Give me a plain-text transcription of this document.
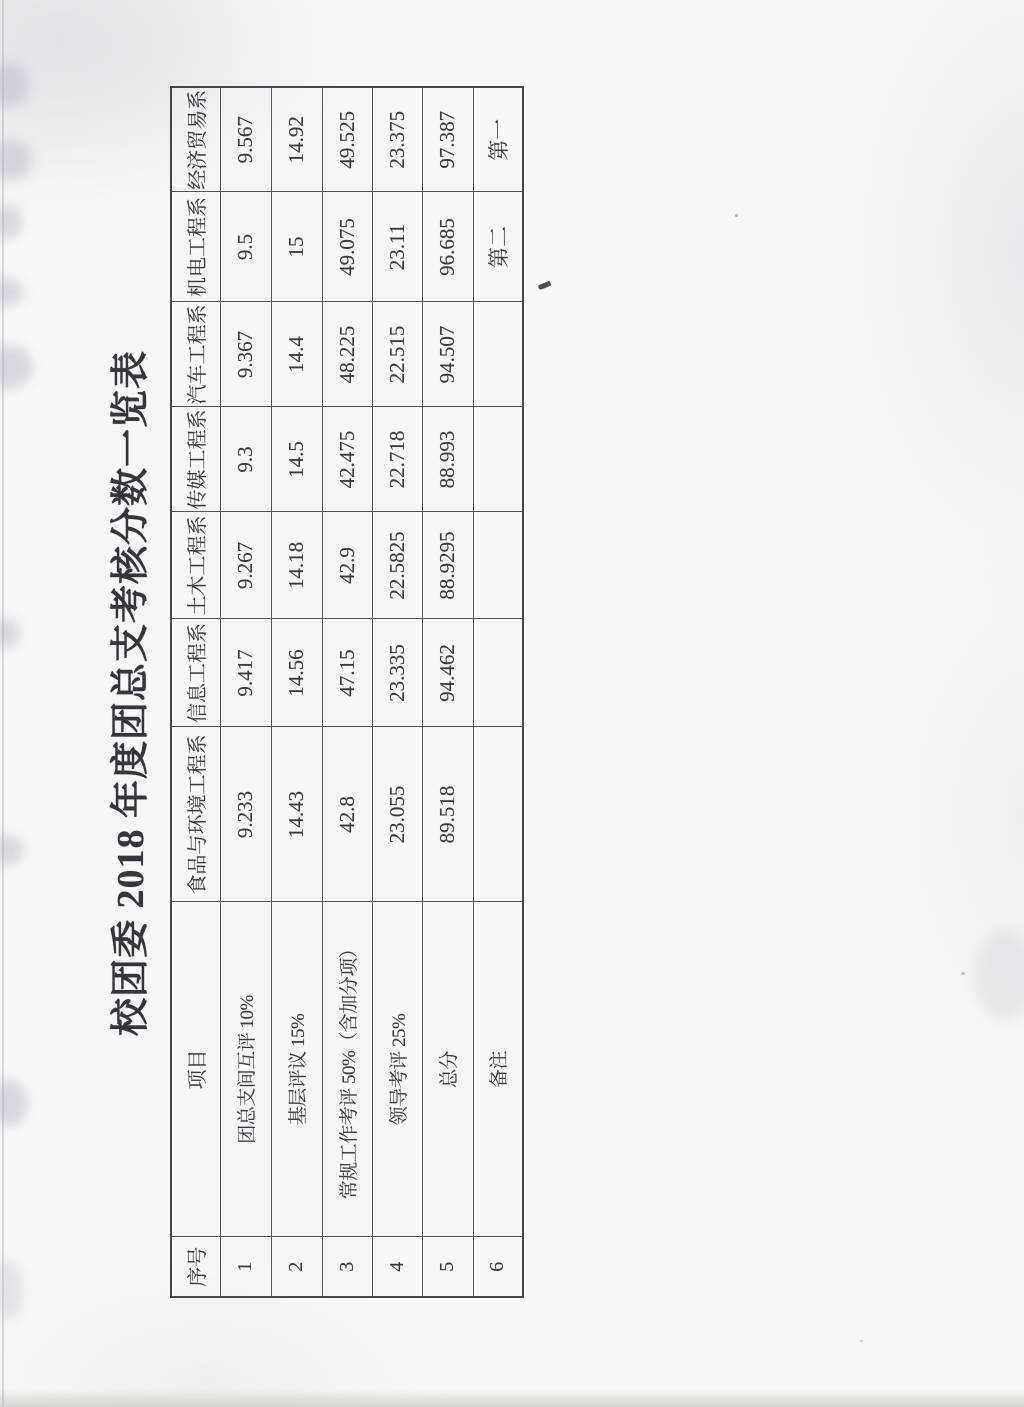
校团委 2018 年度团总支考核分数一览表
序号	项目	食品与环境工程系	信息工程系	土木工程系	传媒工程系	汽车工程系	机电工程系	经济贸易系
1	团总支间互评 10%	9.233	9.417	9.267	9.3	9.367	9.5	9.567
2	基层评议 15%	14.43	14.56	14.18	14.5	14.4	15	14.92
3	常规工作考评 50%（含加分项）	42.8	47.15	42.9	42.475	48.225	49.075	49.525
4	领导考评 25%	23.055	23.335	22.5825	22.718	22.515	23.11	23.375
5	总分	89.518	94.462	88.9295	88.993	94.507	96.685	97.387
6	备注						第二	第一
